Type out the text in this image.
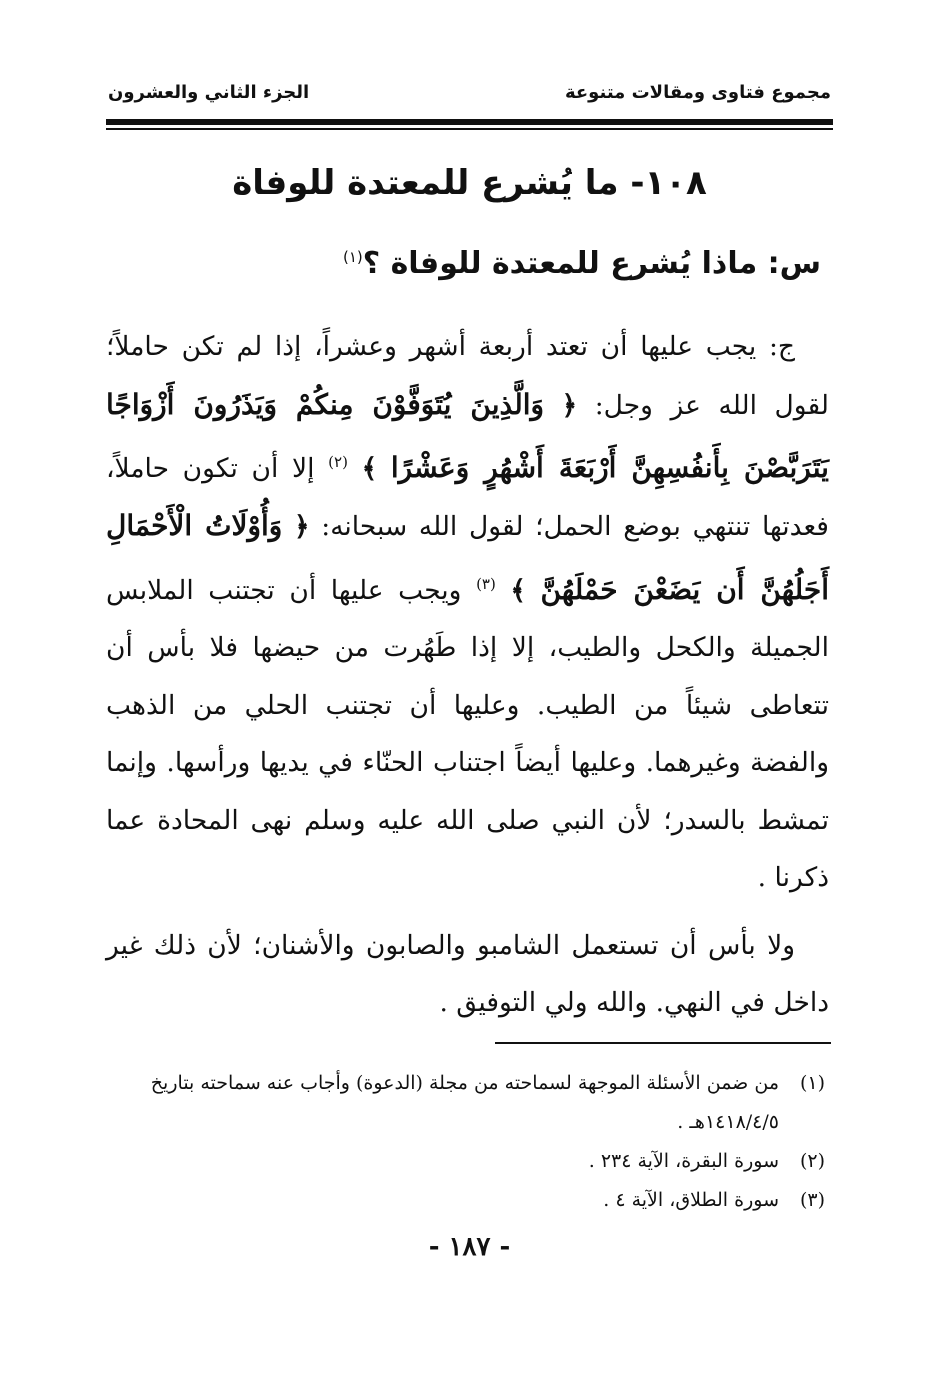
مجموع فتاوى ومقالات متنوعة
الجزء الثاني والعشرون
١٠٨- ما يُشرع للمعتدة للوفاة
س: ماذا يُشرع للمعتدة للوفاة ؟$^{(١)}$

ج: يجب عليها أن تعتد أربعة أشهر وعشراً، إذا لم تكن حاملاً؛ لقول الله عز وجل: ﴿ وَالَّذِينَ يُتَوَفَّوْنَ مِنكُمْ وَيَذَرُونَ أَزْوَاجًا يَتَرَبَّصْنَ بِأَنفُسِهِنَّ أَرْبَعَةَ أَشْهُرٍ وَعَشْرًا ﴾ $^{(٢)}$ إلا أن تكون حاملاً، فعدتها تنتهي بوضع الحمل؛ لقول الله سبحانه: ﴿ وَأُوْلَاتُ الْأَحْمَالِ أَجَلُهُنَّ أَن يَضَعْنَ حَمْلَهُنَّ ﴾ $^{(٣)}$ ويجب عليها أن تجتنب الملابس الجميلة والكحل والطيب، إلا إذا طَهُرت من حيضها فلا بأس أن تتعاطى شيئاً من الطيب. وعليها أن تجتنب الحلي من الذهب والفضة وغيرهما. وعليها أيضاً اجتناب الحنّاء في يديها ورأسها. وإنما تمشط بالسدر؛ لأن النبي صلى الله عليه وسلم نهى المحادة عما ذكرنا .

ولا بأس أن تستعمل الشامبو والصابون والأشنان؛ لأن ذلك غير داخل في النهي. والله ولي التوفيق .

(١)
من ضمن الأسئلة الموجهة لسماحته من مجلة (الدعوة) وأجاب عنه سماحته بتاريخ ١٤١٨/٤/٥هـ .
(٢)
سورة البقرة، الآية ٢٣٤ .
(٣)
سورة الطلاق، الآية ٤ .
- ١٨٧ -
